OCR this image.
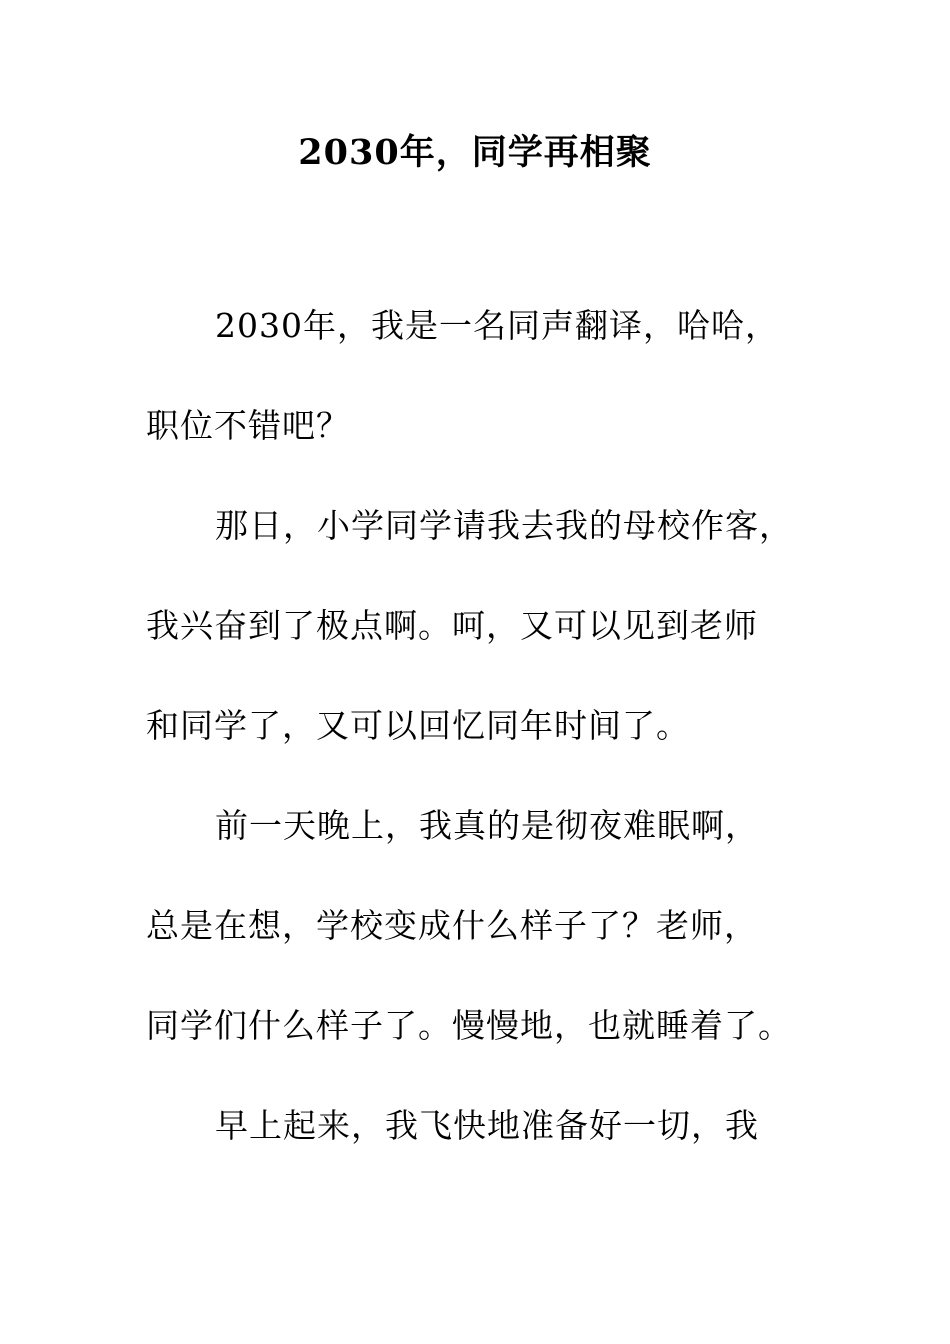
2030年，同学再相聚

2030年，我是一名同声翻译，哈哈，

职位不错吧？

那日，小学同学请我去我的母校作客，

我兴奋到了极点啊。呵，又可以见到老师

和同学了，又可以回忆同年时间了。

前一天晚上，我真的是彻夜难眠啊，

总是在想，学校变成什么样子了？老师，

同学们什么样子了。慢慢地，也就睡着了。

早上起来，我飞快地准备好一切，我
